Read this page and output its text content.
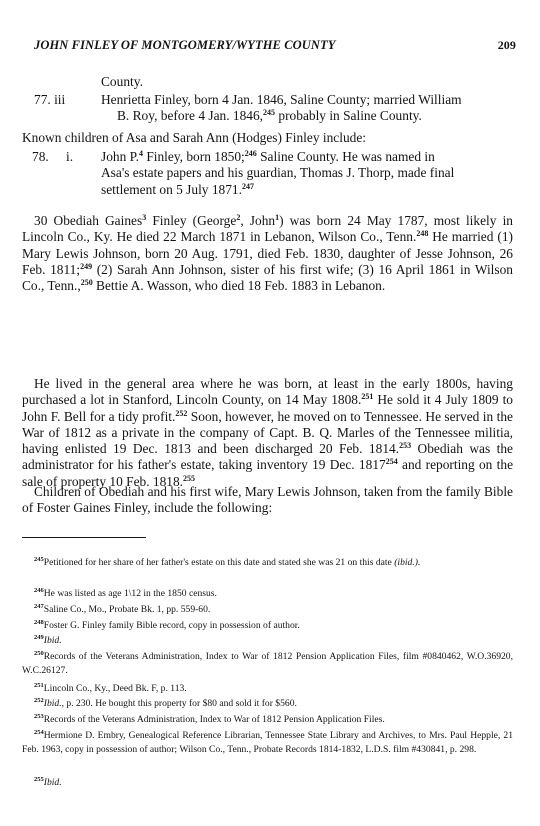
JOHN FINLEY OF MONTGOMERY/WYTHE COUNTY	209
County.
77. iii	Henrietta Finley, born 4 Jan. 1846, Saline County; married William
B. Roy, before 4 Jan. 1846,$^{245}$ probably in Saline County.
Known children of Asa and Sarah Ann (Hodges) Finley include:
78. i. John P.$^4$ Finley, born 1850;$^{246}$ Saline County. He was named in
Asa's estate papers and his guardian, Thomas J. Thorp, made final
settlement on 5 July 1871.$^{247}$
30 Obediah Gaines$^3$ Finley (George$^2$, John$^1$) was born 24 May 1787, most likely in Lincoln Co., Ky. He died 22 March 1871 in Lebanon, Wilson Co., Tenn.$^{248}$ He married (1) Mary Lewis Johnson, born 20 Aug. 1791, died Feb. 1830, daughter of Jesse Johnson, 26 Feb. 1811;$^{249}$ (2) Sarah Ann Johnson, sister of his first wife; (3) 16 April 1861 in Wilson Co., Tenn.,$^{250}$ Bettie A. Wasson, who died 18 Feb. 1883 in Lebanon.
He lived in the general area where he was born, at least in the early 1800s, having purchased a lot in Stanford, Lincoln County, on 14 May 1808.$^{251}$ He sold it 4 July 1809 to John F. Bell for a tidy profit.$^{252}$ Soon, however, he moved on to Tennessee. He served in the War of 1812 as a private in the company of Capt. B. Q. Marles of the Tennessee militia, having enlisted 19 Dec. 1813 and been discharged 20 Feb. 1814.$^{253}$ Obediah was the administrator for his father's estate, taking inventory 19 Dec. 1817$^{254}$ and reporting on the sale of property 10 Feb. 1818.$^{255}$
Children of Obediah and his first wife, Mary Lewis Johnson, taken from the family Bible of Foster Gaines Finley, include the following:
$^{245}$Petitioned for her share of her father's estate on this date and stated she was 21 on this date (ibid.).
$^{246}$He was listed as age 1\12 in the 1850 census.
$^{247}$Saline Co., Mo., Probate Bk. 1, pp. 559-60.
$^{248}$Foster G. Finley family Bible record, copy in possession of author.
$^{249}$Ibid.
$^{250}$Records of the Veterans Administration, Index to War of 1812 Pension Application Files, film #0840462, W.O.36920, W.C.26127.
$^{251}$Lincoln Co., Ky., Deed Bk. F, p. 113.
$^{252}$Ibid., p. 230. He bought this property for $80 and sold it for $560.
$^{253}$Records of the Veterans Administration, Index to War of 1812 Pension Application Files.
$^{254}$Hermione D. Embry, Genealogical Reference Librarian, Tennessee State Library and Archives, to Mrs. Paul Hepple, 21 Feb. 1963, copy in possession of author; Wilson Co., Tenn., Probate Records 1814-1832, L.D.S. film #430841, p. 298.
$^{255}$Ibid.
